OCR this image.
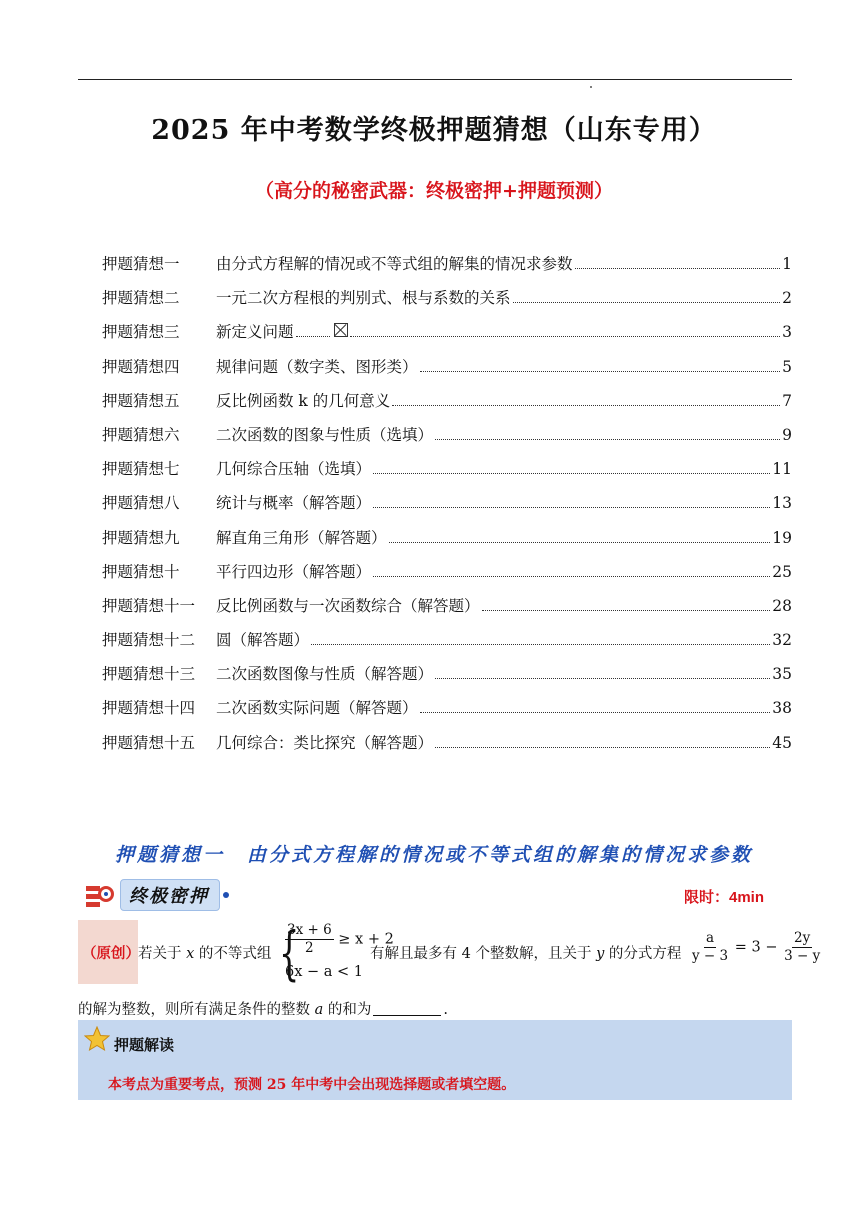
2025 年中考数学终极押题猜想（山东专用）
（高分的秘密武器：终极密押+押题预测）
押题猜想一	由分式方程解的情况或不等式组的解集的情况求参数	1
押题猜想二	一元二次方程根的判别式、根与系数的关系	2
押题猜想三	新定义问题	3
押题猜想四	规律问题（数字类、图形类）	5
押题猜想五	反比例函数 k 的几何意义	7
押题猜想六	二次函数的图象与性质（选填）	9
押题猜想七	几何综合压轴（选填）	11
押题猜想八	统计与概率（解答题）	13
押题猜想九	解直角三角形（解答题）	19
押题猜想十	平行四边形（解答题）	25
押题猜想十一	反比例函数与一次函数综合（解答题）	28
押题猜想十二	圆（解答题）	32
押题猜想十三	二次函数图像与性质（解答题）	35
押题猜想十四	二次函数实际问题（解答题）	38
押题猜想十五	几何综合：类比探究（解答题）	45
押题猜想一　由分式方程解的情况或不等式组的解集的情况求参数
终极密押	限时：4min
（原创）
若关于 x 的不等式组 {
$\frac{3x + 6}{2} \ge x + 2$
6x − a < 1
有解且最多有 4 个整数解，且关于 y 的分式方程 $\frac{a}{y - 3} = 3 - \frac{2y}{3 - y}$
的解为整数，则所有满足条件的整数 a 的和为	.
押题解读
本考点为重要考点，预测 25 年中考中会出现选择题或者填空题。
